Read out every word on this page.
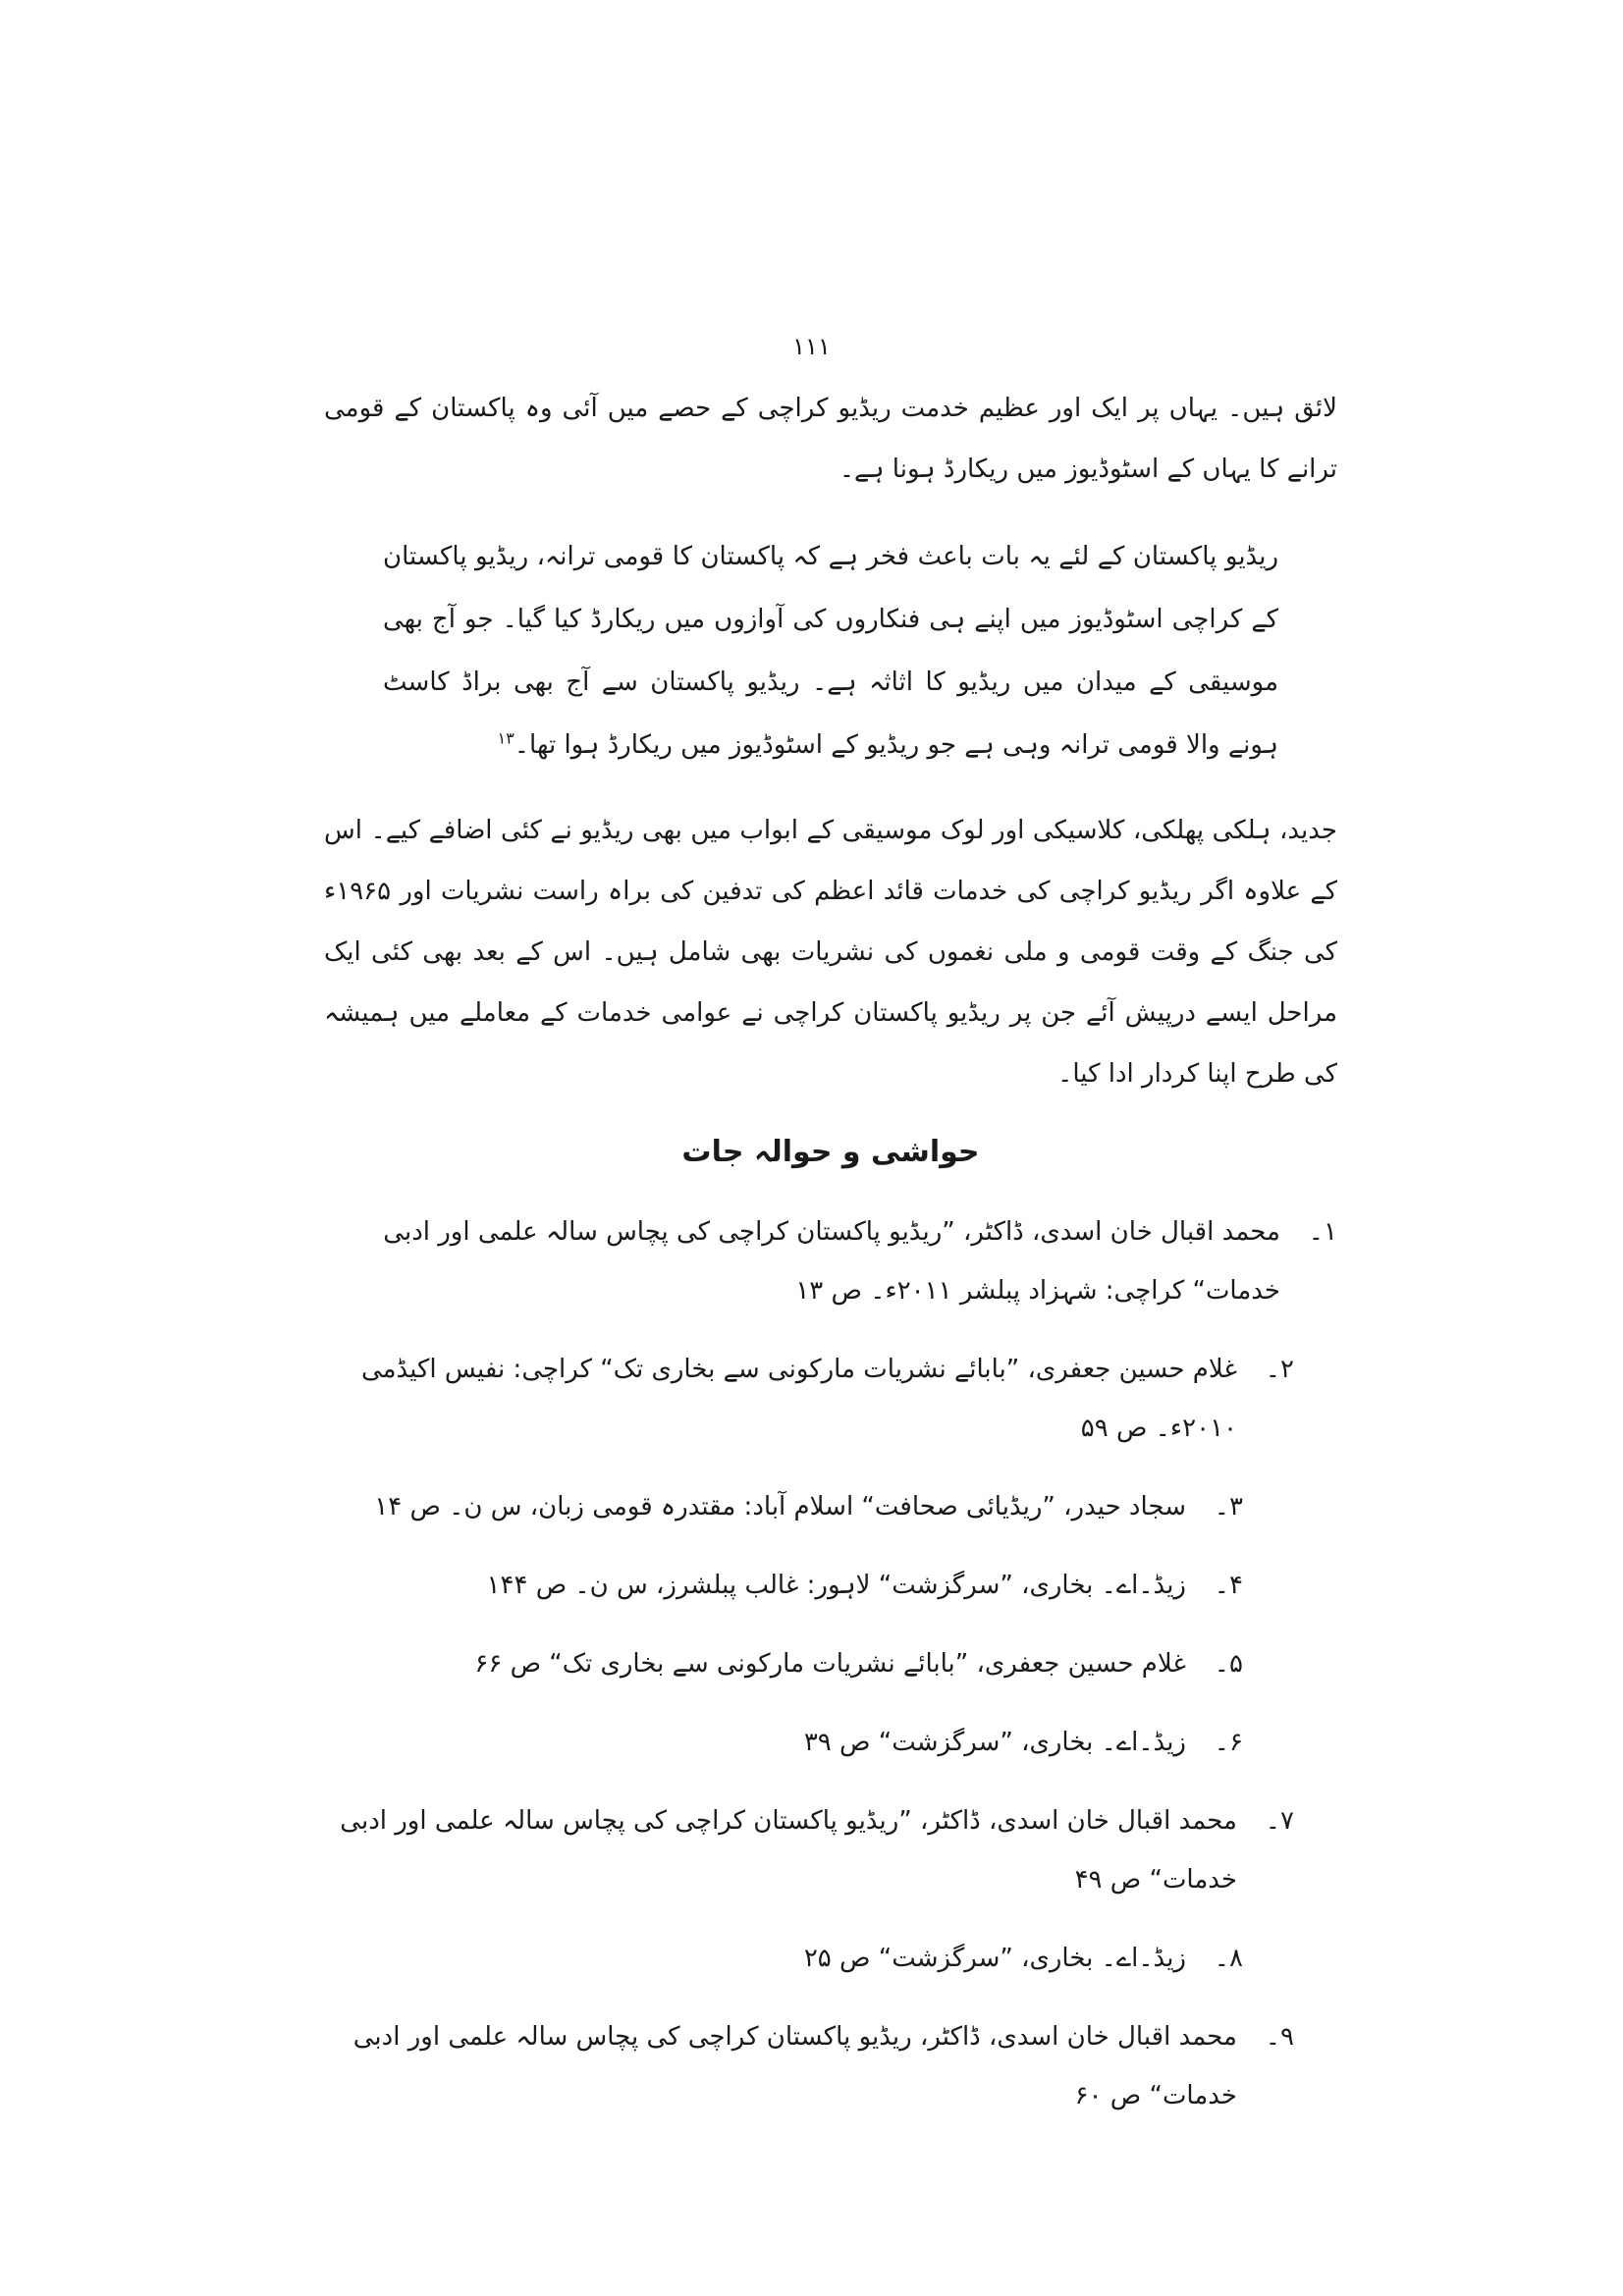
۱۱۱

لائق ہیں۔ یہاں پر ایک اور عظیم خدمت ریڈیو کراچی کے حصے میں آئی وہ پاکستان کے قومی ترانے کا یہاں کے اسٹوڈیوز میں ریکارڈ ہونا ہے۔

ریڈیو پاکستان کے لئے یہ بات باعث فخر ہے کہ پاکستان کا قومی ترانہ، ریڈیو پاکستان کے کراچی اسٹوڈیوز میں اپنے ہی فنکاروں کی آوازوں میں ریکارڈ کیا گیا۔ جو آج بھی موسیقی کے میدان میں ریڈیو کا اثاثہ ہے۔ ریڈیو پاکستان سے آج بھی براڈ کاسٹ ہونے والا قومی ترانہ وہی ہے جو ریڈیو کے اسٹوڈیوز میں ریکارڈ ہوا تھا۔$^{۱۳}$

جدید، ہلکی پھلکی، کلاسیکی اور لوک موسیقی کے ابواب میں بھی ریڈیو نے کئی اضافے کیے۔ اس کے علاوہ اگر ریڈیو کراچی کی خدمات قائد اعظم کی تدفین کی براہ راست نشریات اور ۱۹۶۵ء کی جنگ کے وقت قومی و ملی نغموں کی نشریات بھی شامل ہیں۔ اس کے بعد بھی کئی ایک مراحل ایسے درپیش آئے جن پر ریڈیو پاکستان کراچی نے عوامی خدمات کے معاملے میں ہمیشہ کی طرح اپنا کردار ادا کیا۔

حواشی و حوالہ جات
۱۔
محمد اقبال خان اسدی، ڈاکٹر، ”ریڈیو پاکستان کراچی کی پچاس سالہ علمی اور ادبی خدمات“ کراچی: شہزاد پبلشر ۲۰۱۱ء۔ ص ۱۳
۲۔
غلام حسین جعفری، ”بابائے نشریات مارکونی سے بخاری تک“ کراچی: نفیس اکیڈمی ۲۰۱۰ء۔ ص ۵۹
۳۔
سجاد حیدر، ”ریڈیائی صحافت“ اسلام آباد: مقتدرہ قومی زبان، س ن۔ ص ۱۴
۴۔
زیڈ۔اے۔ بخاری، ”سرگزشت“ لاہور: غالب پبلشرز، س ن۔ ص ۱۴۴
۵۔
غلام حسین جعفری، ”بابائے نشریات مارکونی سے بخاری تک“ ص ۶۶
۶۔
زیڈ۔اے۔ بخاری، ”سرگزشت“ ص ۳۹
۷۔
محمد اقبال خان اسدی، ڈاکٹر، ”ریڈیو پاکستان کراچی کی پچاس سالہ علمی اور ادبی خدمات“ ص ۴۹
۸۔
زیڈ۔اے۔ بخاری، ”سرگزشت“ ص ۲۵
۹۔
محمد اقبال خان اسدی، ڈاکٹر، ریڈیو پاکستان کراچی کی پچاس سالہ علمی اور ادبی خدمات“ ص ۶۰
